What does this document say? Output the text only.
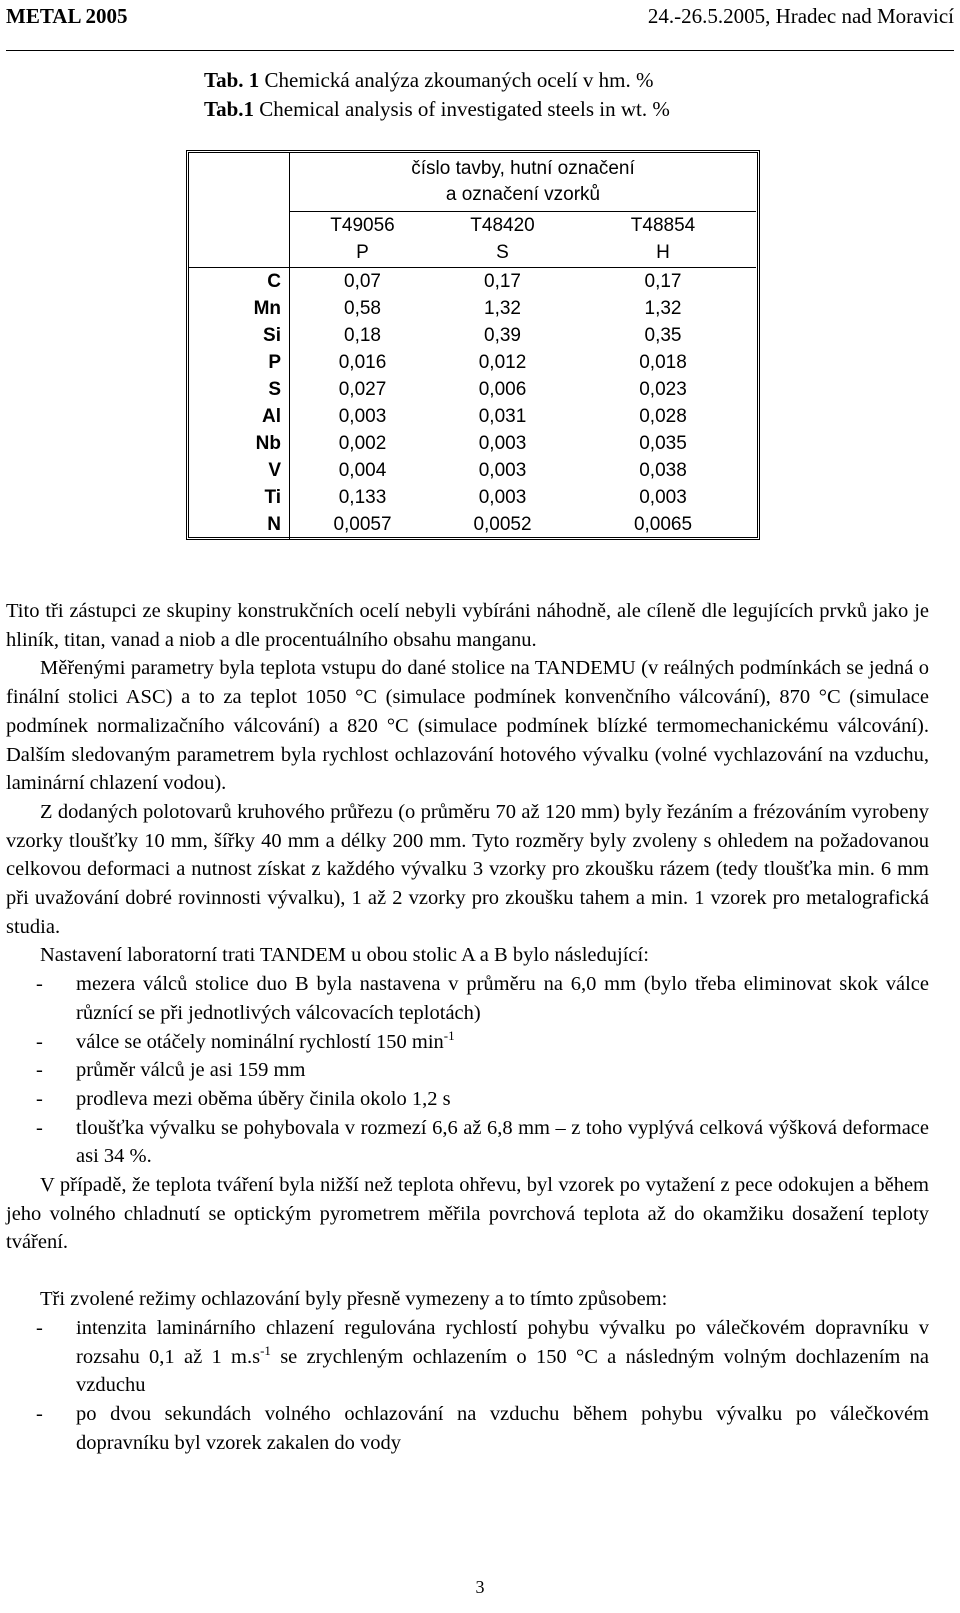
METAL 2005	24.-26.5.2005, Hradec nad Moravicí
Tab. 1 Chemická analýza zkoumaných ocelí v hm. %
Tab.1 Chemical analysis of investigated steels in wt. %
	číslo tavby, hutní označení
a označení vzorků		
	T49056	T48420	T48854
	P	S	H
C	0,07	0,17	0,17
Mn	0,58	1,32	1,32
Si	0,18	0,39	0,35
P	0,016	0,012	0,018
S	0,027	0,006	0,023
Al	0,003	0,031	0,028
Nb	0,002	0,003	0,035
V	0,004	0,003	0,038
Ti	0,133	0,003	0,003
N	0,0057	0,0052	0,0065

Tito tři zástupci ze skupiny konstrukčních ocelí nebyli vybíráni náhodně, ale cíleně dle legujících prvků jako je hliník, titan, vanad a niob a dle procentuálního obsahu manganu.

Měřenými parametry byla teplota vstupu do dané stolice na TANDEMU (v reálných podmínkách se jedná o finální stolici ASC) a to za teplot 1050 °C (simulace podmínek konvenčního válcování), 870 °C (simulace podmínek normalizačního válcování) a 820 °C (simulace podmínek blízké termomechanickému válcování). Dalším sledovaným parametrem byla rychlost ochlazování hotového vývalku (volné vychlazování na vzduchu, laminární chlazení vodou).

Z dodaných polotovarů kruhového průřezu (o průměru 70 až 120 mm) byly řezáním a frézováním vyrobeny vzorky tloušťky 10 mm, šířky 40 mm a délky 200 mm. Tyto rozměry byly zvoleny s ohledem na požadovanou celkovou deformaci a nutnost získat z každého vývalku 3 vzorky pro zkoušku rázem (tedy tloušťka min. 6 mm při uvažování dobré rovinnosti vývalku), 1 až 2 vzorky pro zkoušku tahem a min. 1 vzorek pro metalografická studia.

Nastavení laboratorní trati TANDEM u obou stolic A a B bylo následující:

- mezera válců stolice duo B byla nastavena v průměru na 6,0 mm (bylo třeba eliminovat skok válce různící se při jednotlivých válcovacích teplotách)

- válce se otáčely nominální rychlostí 150 $\min^{-1}$

- průměr válců je asi 159 mm

- prodleva mezi oběma úběry činila okolo 1,2 s

- tloušťka vývalku se pohybovala v rozmezí 6,6 až 6,8 mm – z toho vyplývá celková výšková deformace asi 34 %.

V případě, že teplota tváření byla nižší než teplota ohřevu, byl vzorek po vytažení z pece odokujen a během jeho volného chladnutí se optickým pyrometrem měřila povrchová teplota až do okamžiku dosažení teploty tváření.

Tři zvolené režimy ochlazování byly přesně vymezeny a to tímto způsobem:

- intenzita laminárního chlazení regulována rychlostí pohybu vývalku po válečkovém dopravníku v rozsahu 0,1 až 1 $m.s^{-1}$ se zrychleným ochlazením o 150 °C a následným volným dochlazením na vzduchu

- po dvou sekundách volného ochlazování na vzduchu během pohybu vývalku po válečkovém dopravníku byl vzorek zakalen do vody

3
